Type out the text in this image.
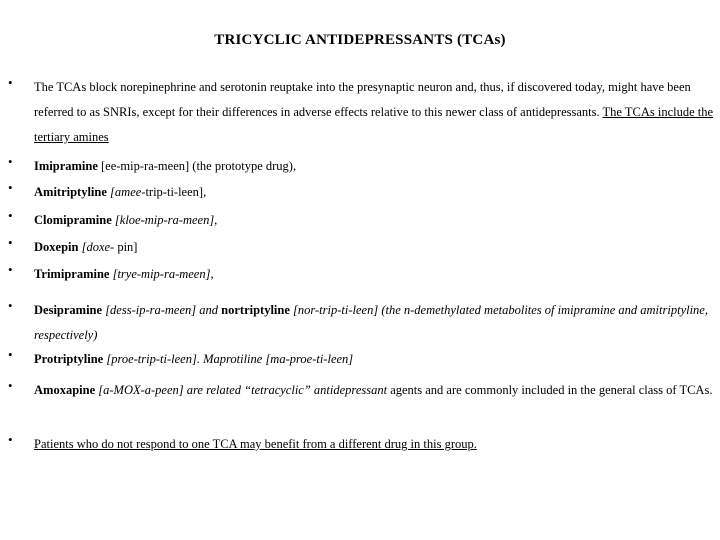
TRICYCLIC ANTIDEPRESSANTS (TCAs)
• The TCAs block norepinephrine and serotonin reuptake into the presynaptic neuron and, thus, if discovered today, might have been referred to as SNRIs, except for their differences in adverse effects relative to this newer class of antidepressants. The TCAs include the tertiary amines
• Imipramine [ee-mip-ra-meen] (the prototype drug),
• Amitriptyline [amee-trip-ti-leen],
• Clomipramine [kloe-mip-ra-meen],
• Doxepin [doxe- pin]
• Trimipramine [trye-mip-ra-meen],
• Desipramine [dess-ip-ra-meen] and nortriptyline [nor-trip-ti-leen] (the n-demethylated metabolites of imipramine and amitriptyline, respectively)
• Protriptyline [proe-trip-ti-leen]. Maprotiline [ma-proe-ti-leen]
• Amoxapine [a-MOX-a-peen] are related “tetracyclic” antidepressant agents and are commonly included in the general class of TCAs.
• Patients who do not respond to one TCA may benefit from a different drug in this group.
